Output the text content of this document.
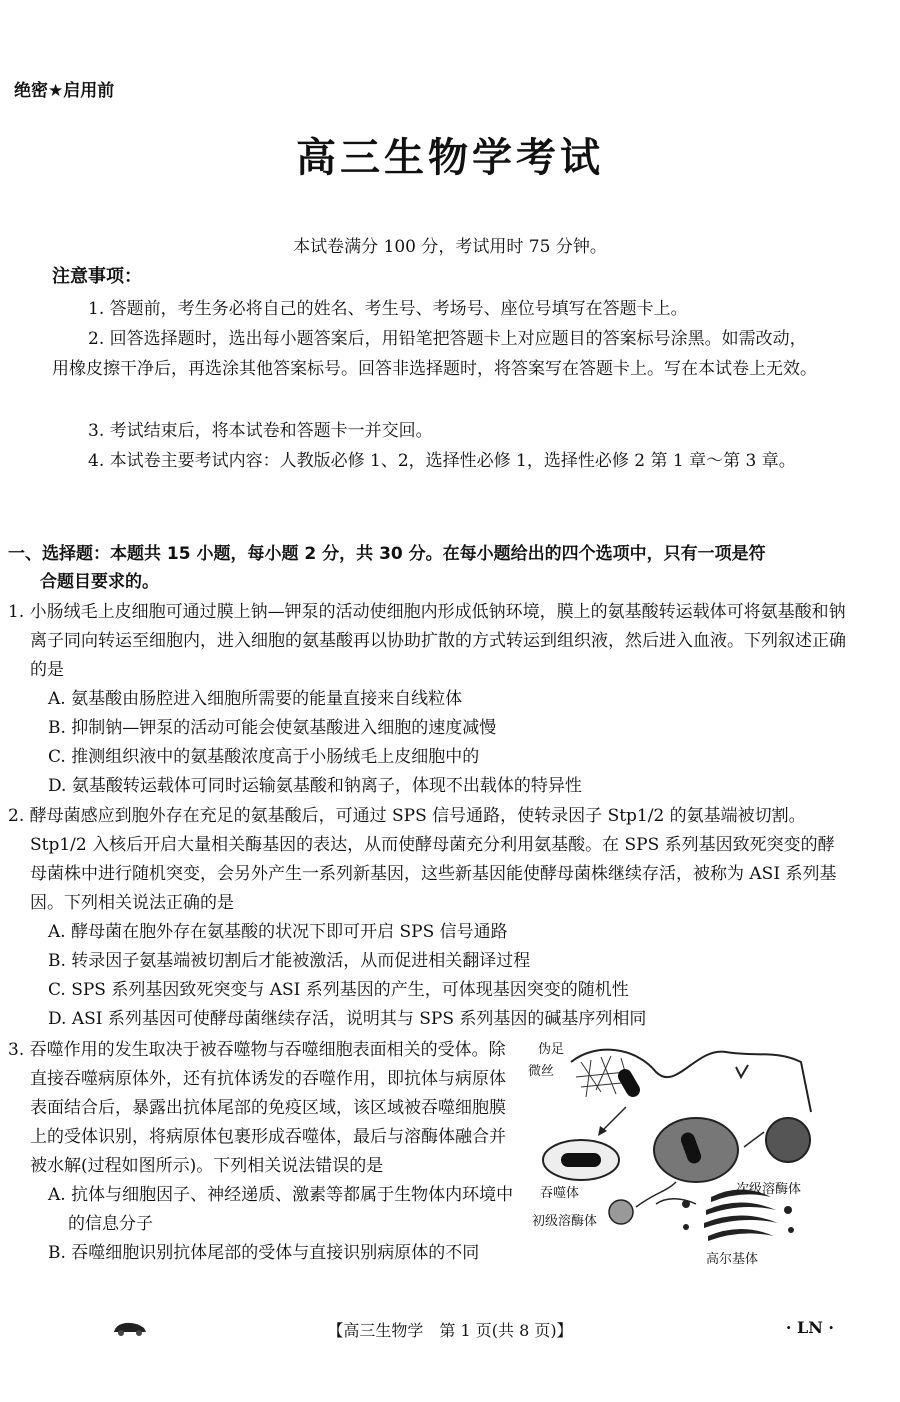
绝密★启用前
高三生物学考试
本试卷满分 100 分，考试用时 75 分钟。
注意事项：
1. 答题前，考生务必将自己的姓名、考生号、考场号、座位号填写在答题卡上。
2. 回答选择题时，选出每小题答案后，用铅笔把答题卡上对应题目的答案标号涂黑。如需改动，用橡皮擦干净后，再选涂其他答案标号。回答非选择题时，将答案写在答题卡上。写在本试卷上无效。
3. 考试结束后，将本试卷和答题卡一并交回。
4. 本试卷主要考试内容：人教版必修 1、2，选择性必修 1，选择性必修 2 第 1 章～第 3 章。
一、选择题：本题共 15 小题，每小题 2 分，共 30 分。在每小题给出的四个选项中，只有一项是符
合题目要求的。
1. 小肠绒毛上皮细胞可通过膜上钠—钾泵的活动使细胞内形成低钠环境，膜上的氨基酸转运载体可将氨基酸和钠离子同向转运至细胞内，进入细胞的氨基酸再以协助扩散的方式转运到组织液，然后进入血液。下列叙述正确的是
A. 氨基酸由肠腔进入细胞所需要的能量直接来自线粒体
B. 抑制钠—钾泵的活动可能会使氨基酸进入细胞的速度减慢
C. 推测组织液中的氨基酸浓度高于小肠绒毛上皮细胞中的
D. 氨基酸转运载体可同时运输氨基酸和钠离子，体现不出载体的特异性
2. 酵母菌感应到胞外存在充足的氨基酸后，可通过 SPS 信号通路，使转录因子 Stp1/2 的氨基端被切割。Stp1/2 入核后开启大量相关酶基因的表达，从而使酵母菌充分利用氨基酸。在 SPS 系列基因致死突变的酵母菌株中进行随机突变，会另外产生一系列新基因，这些新基因能使酵母菌株继续存活，被称为 ASI 系列基因。下列相关说法正确的是
A. 酵母菌在胞外存在氨基酸的状况下即可开启 SPS 信号通路
B. 转录因子氨基端被切割后才能被激活，从而促进相关翻译过程
C. SPS 系列基因致死突变与 ASI 系列基因的产生，可体现基因突变的随机性
D. ASI 系列基因可使酵母菌继续存活，说明其与 SPS 系列基因的碱基序列相同
3. 吞噬作用的发生取决于被吞噬物与吞噬细胞表面相关的受体。除直接吞噬病原体外，还有抗体诱发的吞噬作用，即抗体与病原体表面结合后，暴露出抗体尾部的免疫区域，该区域被吞噬细胞膜上的受体识别，将病原体包裹形成吞噬体，最后与溶酶体融合并被水解(过程如图所示)。下列相关说法错误的是
A. 抗体与细胞因子、神经递质、激素等都属于生物体内环境中的信息分子
B. 吞噬细胞识别抗体尾部的受体与直接识别病原体的不同
伪足
微丝
吞噬体	次级溶酶体
初级溶酶体
高尔基体
【高三生物学　第 1 页(共 8 页)】	· LN ·
